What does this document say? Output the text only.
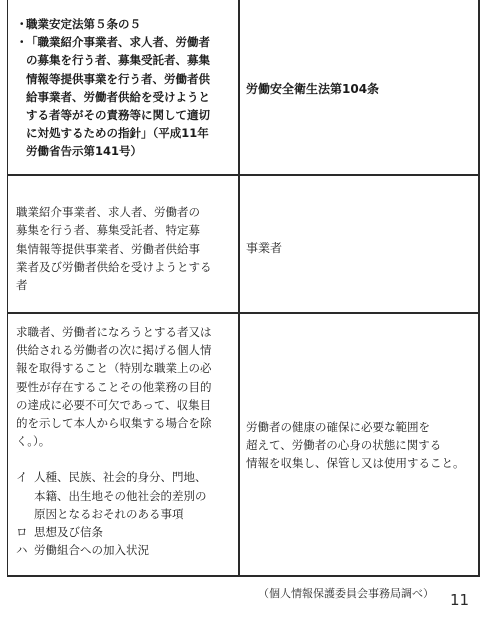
・
職業安定法第５条の５
・
「職業紹介事業者、求人者、労働者
の募集を行う者、募集受託者、募集
情報等提供事業を行う者、労働者供
給事業者、労働者供給を受けようと
する者等がその責務等に関して適切
に対処するための指針」（平成11年
労働省告示第141号）
労働安全衛生法第104条
職業紹介事業者、求人者、労働者の
募集を行う者、募集受託者、特定募
集情報等提供事業者、労働者供給事
業者及び労働者供給を受けようとする
者
事業者
求職者、労働者になろうとする者又は
供給される労働者の次に掲げる個人情
報を取得すること（特別な職業上の必
要性が存在することその他業務の目的
の達成に必要不可欠であって、収集目
的を示して本人から収集する場合を除
く。）。
イ 人種、民族、社会的身分、門地、
本籍、出生地その他社会的差別の
原因となるおそれのある事項
ロ 思想及び信条
ハ 労働組合への加入状況
労働者の健康の確保に必要な範囲を
超えて、労働者の心身の状態に関する
情報を収集し、保管し又は使用すること。
（個人情報保護委員会事務局調べ） 11
